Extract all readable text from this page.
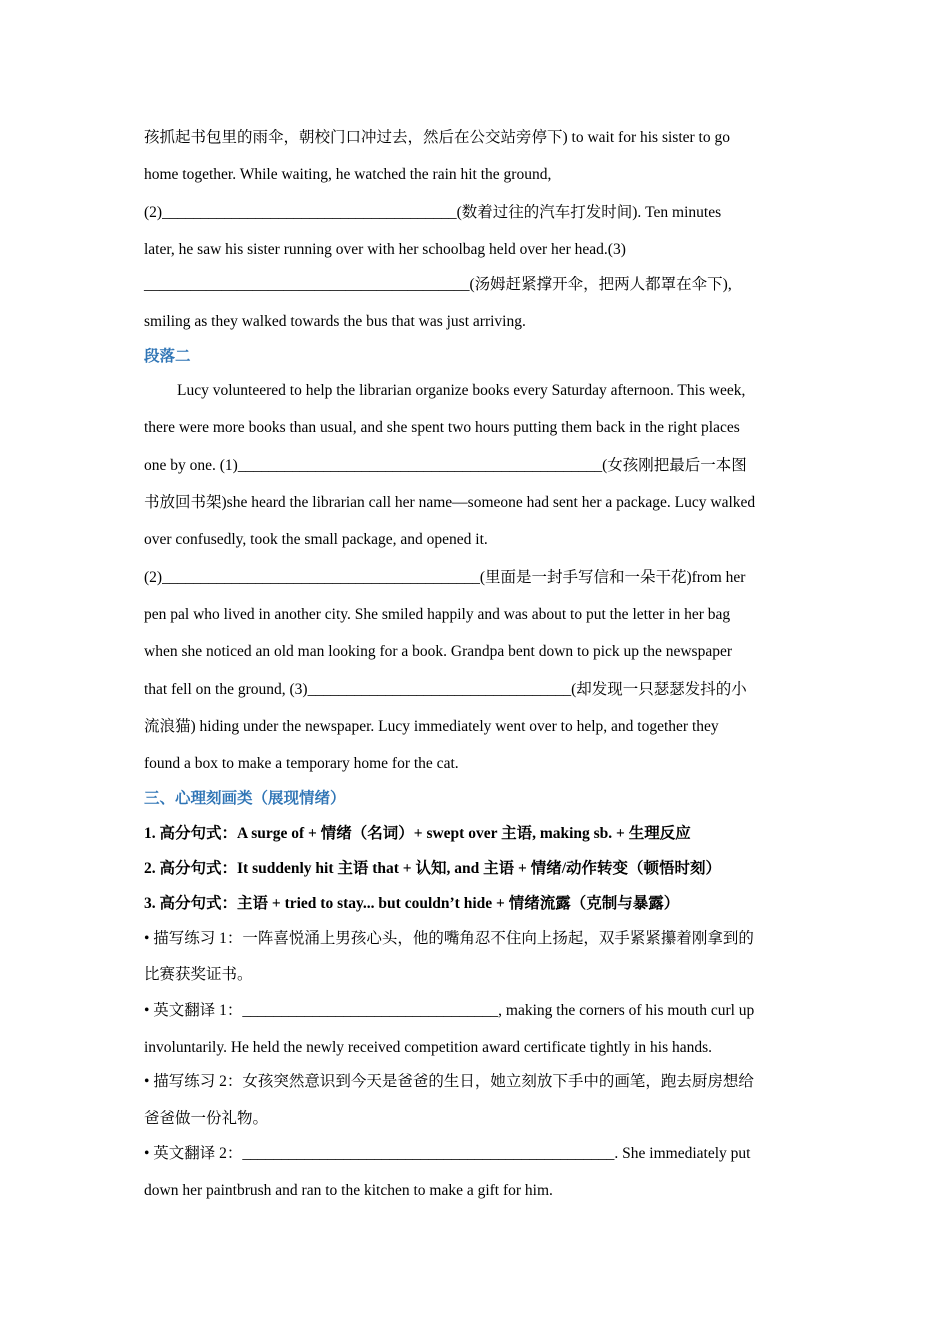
孩抓起书包里的雨伞，朝校门口冲过去，然后在公交站旁停下) to wait for his sister to go
home together. While waiting, he watched the rain hit the ground,
(2)______________________________________(数着过往的汽车打发时间). Ten minutes
later, he saw his sister running over with her schoolbag held over her head.(3)
__________________________________________(汤姆赶紧撑开伞，把两人都罩在伞下),
smiling as they walked towards the bus that was just arriving.
段落二
Lucy volunteered to help the librarian organize books every Saturday afternoon. This week,
there were more books than usual, and she spent two hours putting them back in the right places
one by one. (1)_______________________________________________(女孩刚把最后一本图
书放回书架)she heard the librarian call her name—someone had sent her a package. Lucy walked
over confusedly, took the small package, and opened it.
(2)_________________________________________(里面是一封手写信和一朵干花)from her
pen pal who lived in another city. She smiled happily and was about to put the letter in her bag
when she noticed an old man looking for a book. Grandpa bent down to pick up the newspaper
that fell on the ground, (3)__________________________________(却发现一只瑟瑟发抖的小
流浪猫) hiding under the newspaper. Lucy immediately went over to help, and together they
found a box to make a temporary home for the cat.
三、心理刻画类（展现情绪）
1. 高分句式：A surge of + 情绪（名词）+ swept over 主语, making sb. + 生理反应
2. 高分句式：It suddenly hit 主语 that + 认知, and 主语 + 情绪/动作转变（顿悟时刻）
3. 高分句式：主语 + tried to stay... but couldn’t hide + 情绪流露（克制与暴露）
• 描写练习 1：一阵喜悦涌上男孩心头，他的嘴角忍不住向上扬起，双手紧紧攥着刚拿到的
比赛获奖证书。
• 英文翻译 1：_________________________________, making the corners of his mouth curl up
involuntarily. He held the newly received competition award certificate tightly in his hands.
• 描写练习 2：女孩突然意识到今天是爸爸的生日，她立刻放下手中的画笔，跑去厨房想给
爸爸做一份礼物。
• 英文翻译 2：________________________________________________. She immediately put
down her paintbrush and ran to the kitchen to make a gift for him.
